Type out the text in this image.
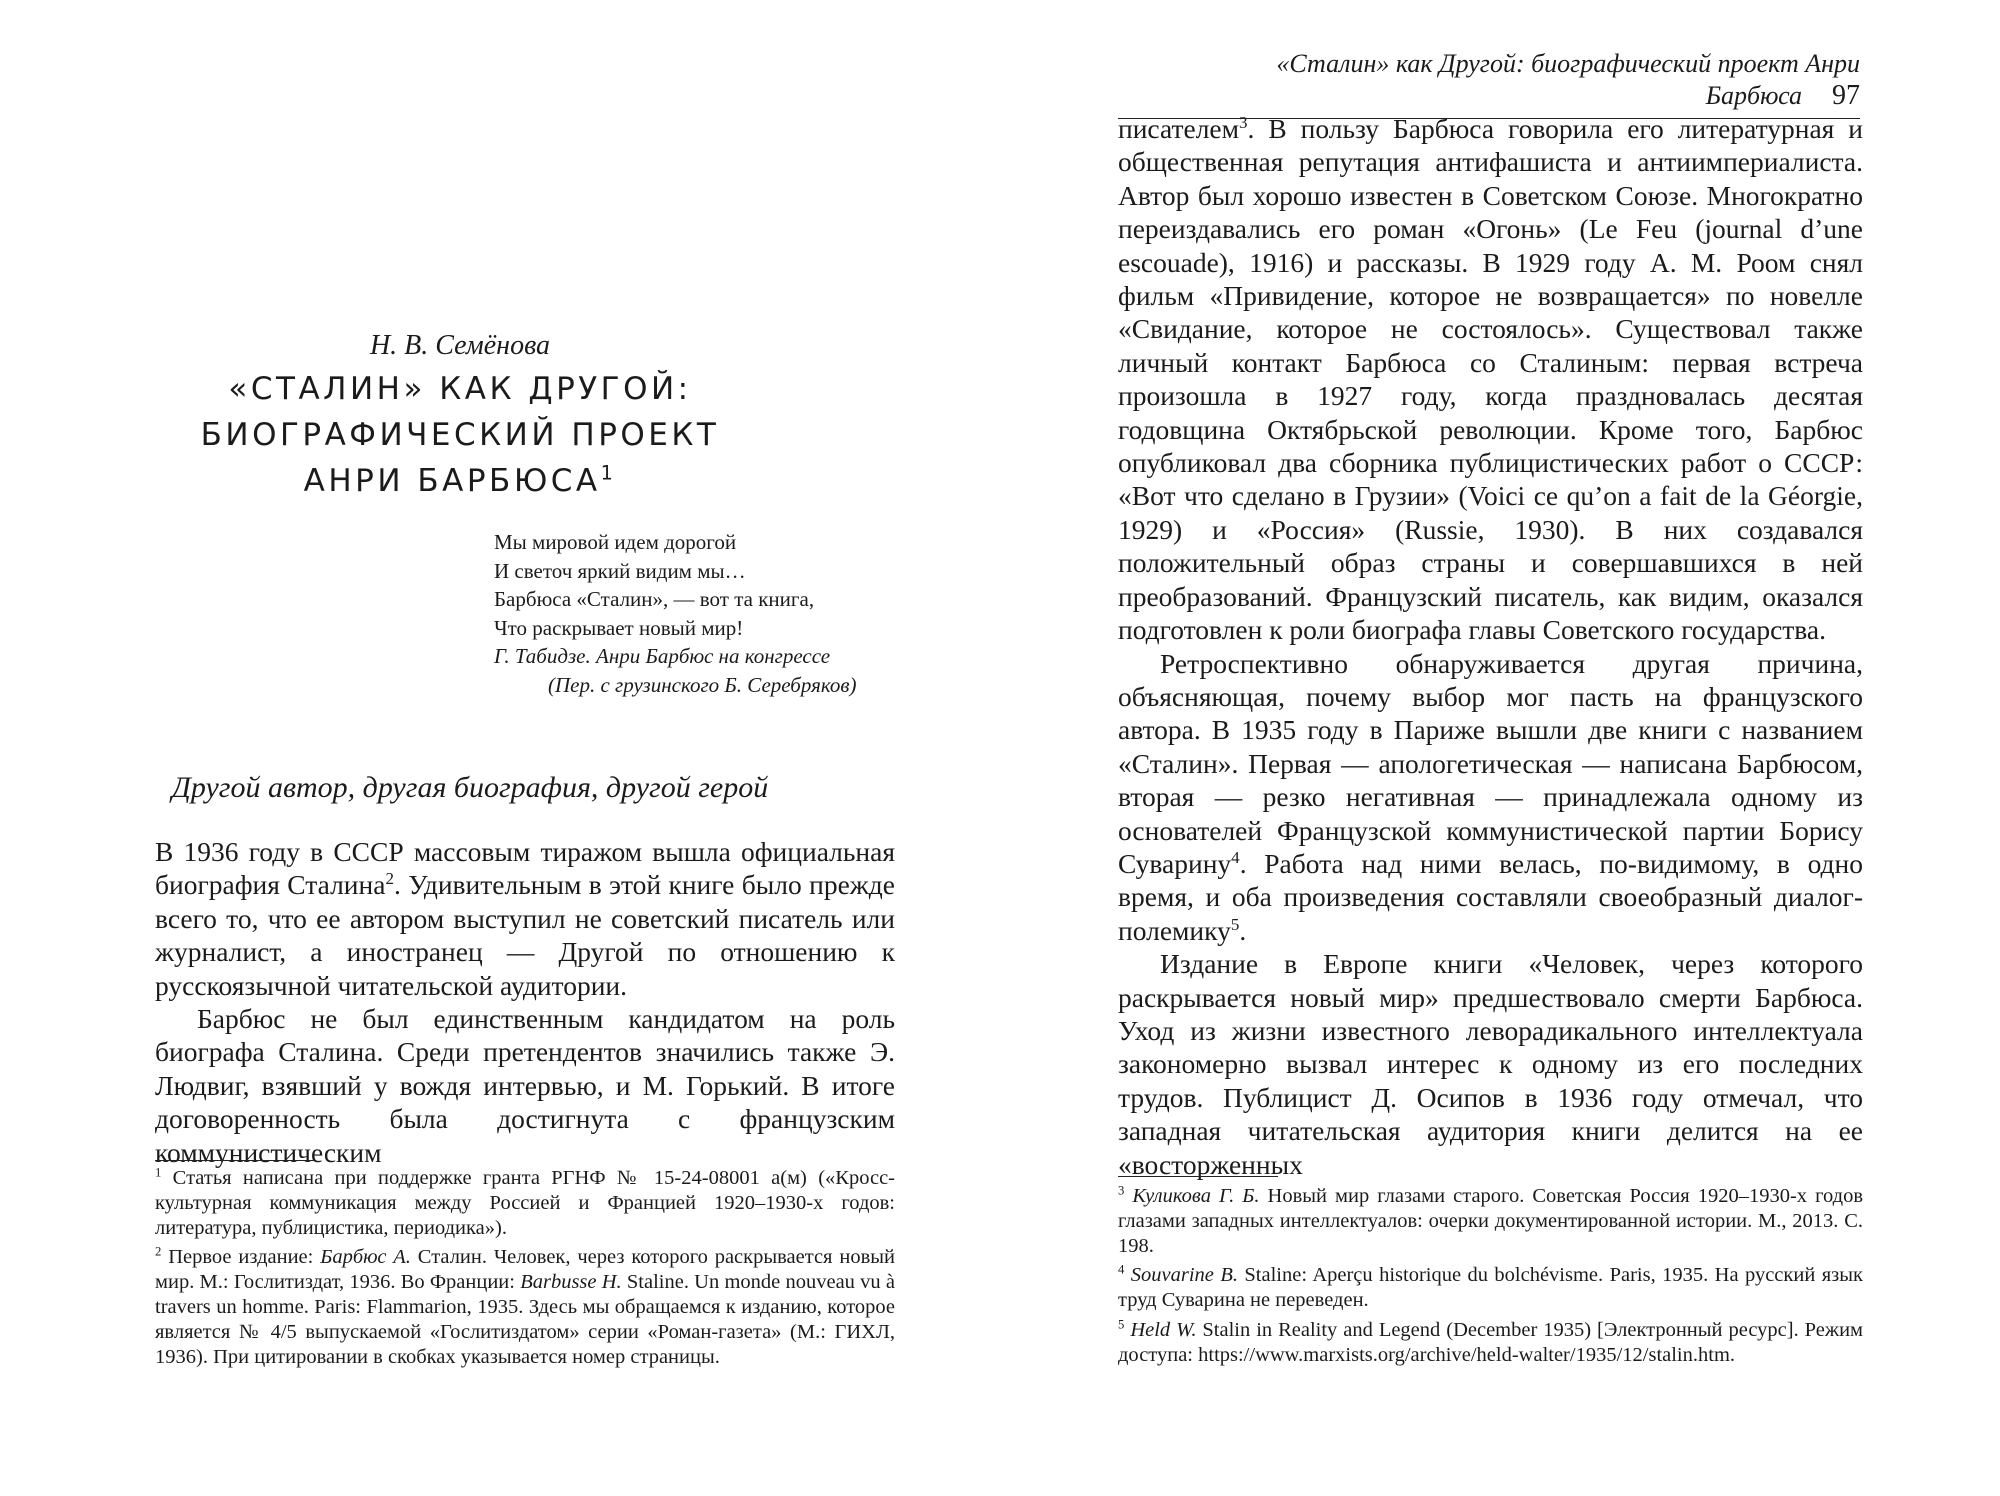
Н. В. Семёнова
«СТАЛИН» КАК ДРУГОЙ:
БИОГРАФИЧЕСКИЙ ПРОЕКТ
АНРИ БАРБЮСА$^1$
Мы мировой идем дорогой
И светоч яркий видим мы…
Барбюса «Сталин», — вот та книга,
Что раскрывает новый мир!
Г. Табидзе. Анри Барбюс на конгрессе
(Пер. с грузинского Б. Серебряков)
Другой автор, другая биография, другой герой

В 1936 году в СССР массовым тиражом вышла официальная биография Сталина$^2$. Удивительным в этой книге было прежде всего то, что ее автором выступил не советский писатель или журналист, а иностранец — Другой по отношению к русскоязычной читательской аудитории.

Барбюс не был единственным кандидатом на роль биографа Сталина. Среди претендентов значились также Э. Людвиг, взявший у вождя интервью, и М. Горький. В итоге договоренность была достигнута с французским коммунистическим

$^1$ Статья написана при поддержке гранта РГНФ № 15-24-08001 а(м) («Кросс-культурная коммуникация между Россией и Францией 1920–1930-х годов: литература, публицистика, периодика»).

$^2$ Первое издание: Барбюс А. Сталин. Человек, через которого раскрывается новый мир. М.: Гослитиздат, 1936. Во Франции: Barbusse H. Staline. Un monde nouveau vu à travers un homme. Paris: Flammarion, 1935. Здесь мы обращаемся к изданию, которое является № 4/5 выпускаемой «Гослитиздатом» серии «Роман-газета» (М.: ГИХЛ, 1936). При цитировании в скобках указывается номер страницы.

«Сталин» как Другой: биографический проект Анри Барбюса 97

писателем$^3$. В пользу Барбюса говорила его литературная и общественная репутация антифашиста и антиимпериалиста. Автор был хорошо известен в Советском Союзе. Многократно переиздавались его роман «Огонь» (Le Feu (journal d’une escouade), 1916) и рассказы. В 1929 году А. М. Роом снял фильм «Привидение, которое не возвращается» по новелле «Свидание, которое не состоялось». Существовал также личный контакт Барбюса со Сталиным: первая встреча произошла в 1927 году, когда праздновалась десятая годовщина Октябрьской революции. Кроме того, Барбюс опубликовал два сборника публицистических работ о СССР: «Вот что сделано в Грузии» (Voici ce qu’on a fait de la Géorgie, 1929) и «Россия» (Russie, 1930). В них создавался положительный образ страны и совершавшихся в ней преобразований. Французский писатель, как видим, оказался подготовлен к роли биографа главы Советского государства.

Ретроспективно обнаруживается другая причина, объясняющая, почему выбор мог пасть на французского автора. В 1935 году в Париже вышли две книги с названием «Сталин». Первая — апологетическая — написана Барбюсом, вторая — резко негативная — принадлежала одному из основателей Французской коммунистической партии Борису Суварину$^4$. Работа над ними велась, по-видимому, в одно время, и оба произведения составляли своеобразный диалог-полемику$^5$.

Издание в Европе книги «Человек, через которого раскрывается новый мир» предшествовало смерти Барбюса. Уход из жизни известного леворадикального интеллектуала закономерно вызвал интерес к одному из его последних трудов. Публицист Д. Осипов в 1936 году отмечал, что западная читательская аудитория книги делится на ее «восторженных

$^3$ Куликова Г. Б. Новый мир глазами старого. Советская Россия 1920–1930-х годов глазами западных интеллектуалов: очерки документированной истории. М., 2013. С. 198.

$^4$ Souvarine B. Staline: Aperçu historique du bolchévisme. Paris, 1935. На русский язык труд Суварина не переведен.

$^5$ Held W. Stalin in Reality and Legend (December 1935) [Электронный ресурс]. Режим доступа: https://www.marxists.org/archive/held-walter/1935/12/stalin.htm.
